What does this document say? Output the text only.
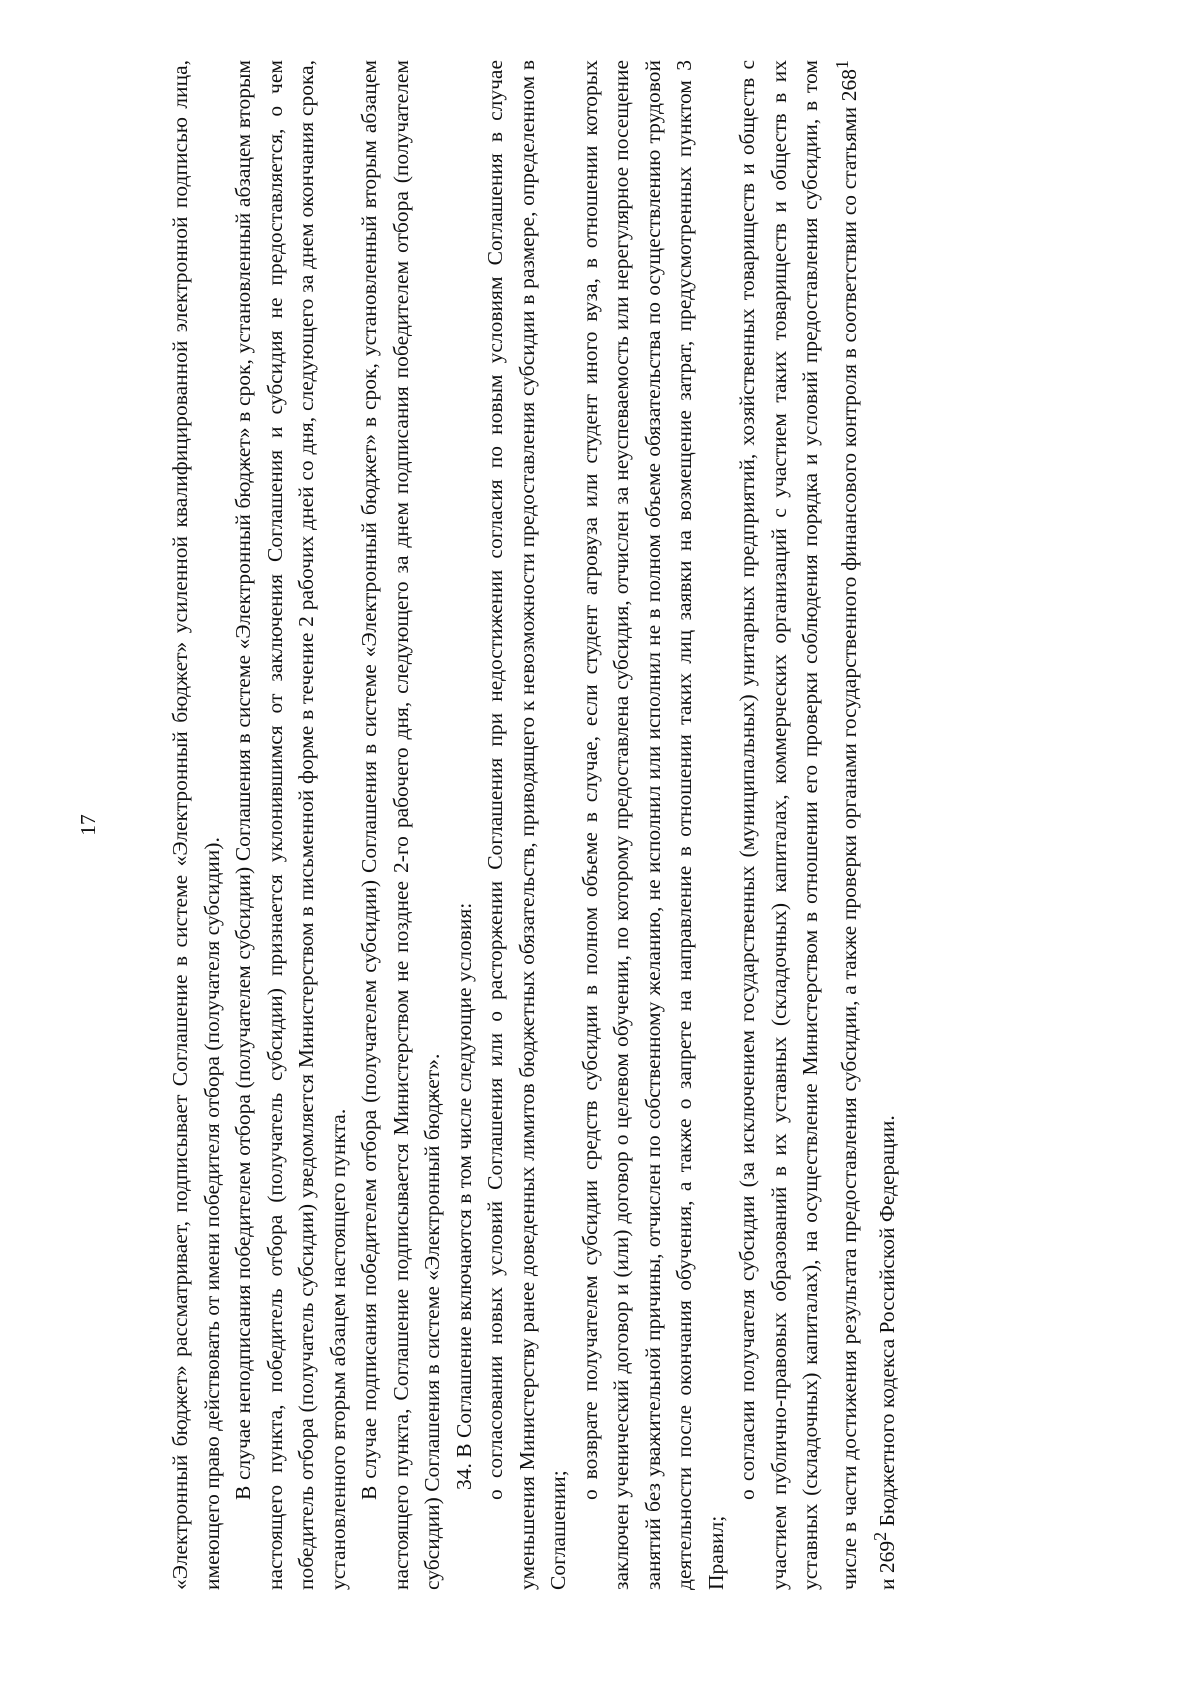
17	«Электронный бюджет» рассматривает, подписывает Соглашение в системе «Электронный бюджет» усиленной квалифицированной электронной подписью лица, имеющего право действовать от имени победителя отбора (получателя субсидии). В случае неподписания победителем отбора (получателем субсидии) Соглашения в системе «Электронный бюджет» в срок, установленный абзацем вторым настоящего пункта, победитель отбора (получатель субсидии) признается уклонившимся от заключения Соглашения и субсидия не предоставляется, о чем победитель отбора (получатель субсидии) уведомляется Министерством в письменной форме в течение 2 рабочих дней со дня, следующего за днем окончания срока, установленного вторым абзацем настоящего пункта. В случае подписания победителем отбора (получателем субсидии) Соглашения в системе «Электронный бюджет» в срок, установленный вторым абзацем настоящего пункта, Соглашение подписывается Министерством не позднее 2-го рабочего дня, следующего за днем подписания победителем отбора (получателем субсидии) Соглашения в системе «Электронный бюджет». 34. В Соглашение включаются в том числе следующие условия: о согласовании новых условий Соглашения или о расторжении Соглашения при недостижении согласия по новым условиям Соглашения в случае уменьшения Министерству ранее доведенных лимитов бюджетных обязательств, приводящего к невозможности предоставления субсидии в размере, определенном в Соглашении;

о возврате получателем субсидии средств субсидии в полном объеме в случае, если студент агровуза или студент иного вуза, в отношении которых заключен ученический договор и (или) договор о целевом обучении, по которому предоставлена субсидия, отчислен за неуспеваемость или нерегулярное посещение занятий без уважительной причины, отчислен по собственному желанию, не исполнил или исполнил не в полном объеме обязательства по осуществлению трудовой деятельности после окончания обучения, а также о запрете на направление в отношении таких лиц заявки на возмещение затрат, предусмотренных пунктом 3 Правил;

о согласии получателя субсидии (за исключением государственных (муниципальных) унитарных предприятий, хозяйственных товариществ и обществ с участием публично-правовых образований в их уставных (складочных) капиталах, коммерческих организаций с участием таких товариществ и обществ в их уставных (складочных) капиталах), на осуществление Министерством в отношении его проверки соблюдения порядка и условий предоставления субсидии, в том числе в части достижения результата предоставления субсидии, а также проверки органами государственного финансового контроля в соответствии со статьями $268^1$ и $269^2$ Бюджетного кодекса Российской Федерации.
